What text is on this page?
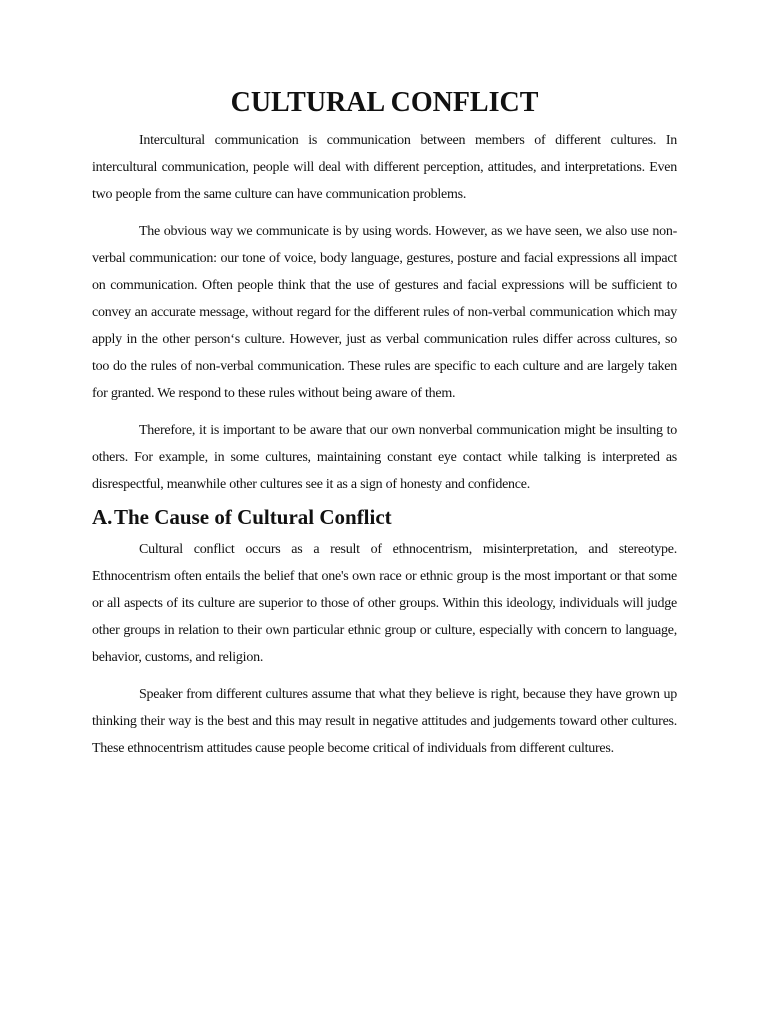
CULTURAL CONFLICT

Intercultural communication is communication between members of different cultures. In intercultural communication, people will deal with different perception, attitudes, and interpretations. Even two people from the same culture can have communication problems.

The obvious way we communicate is by using words. However, as we have seen, we also use non-verbal communication: our tone of voice, body language, gestures, posture and facial expressions all impact on communication. Often people think that the use of gestures and facial expressions will be sufficient to convey an accurate message, without regard for the different rules of non-verbal communication which may apply in the other person‘s culture. However, just as verbal communication rules differ across cultures, so too do the rules of non-verbal communication. These rules are specific to each culture and are largely taken for granted. We respond to these rules without being aware of them.

Therefore, it is important to be aware that our own nonverbal communication might be insulting to others. For example, in some cultures, maintaining constant eye contact while talking is interpreted as disrespectful, meanwhile other cultures see it as a sign of honesty and confidence.

A.The Cause of Cultural Conflict

Cultural conflict occurs as a result of ethnocentrism, misinterpretation, and stereotype. Ethnocentrism often entails the belief that one's own race or ethnic group is the most important or that some or all aspects of its culture are superior to those of other groups. Within this ideology, individuals will judge other groups in relation to their own particular ethnic group or culture, especially with concern to language, behavior, customs, and religion.

Speaker from different cultures assume that what they believe is right, because they have grown up thinking their way is the best and this may result in negative attitudes and judgements toward other cultures. These ethnocentrism attitudes cause people become critical of individuals from different cultures.
